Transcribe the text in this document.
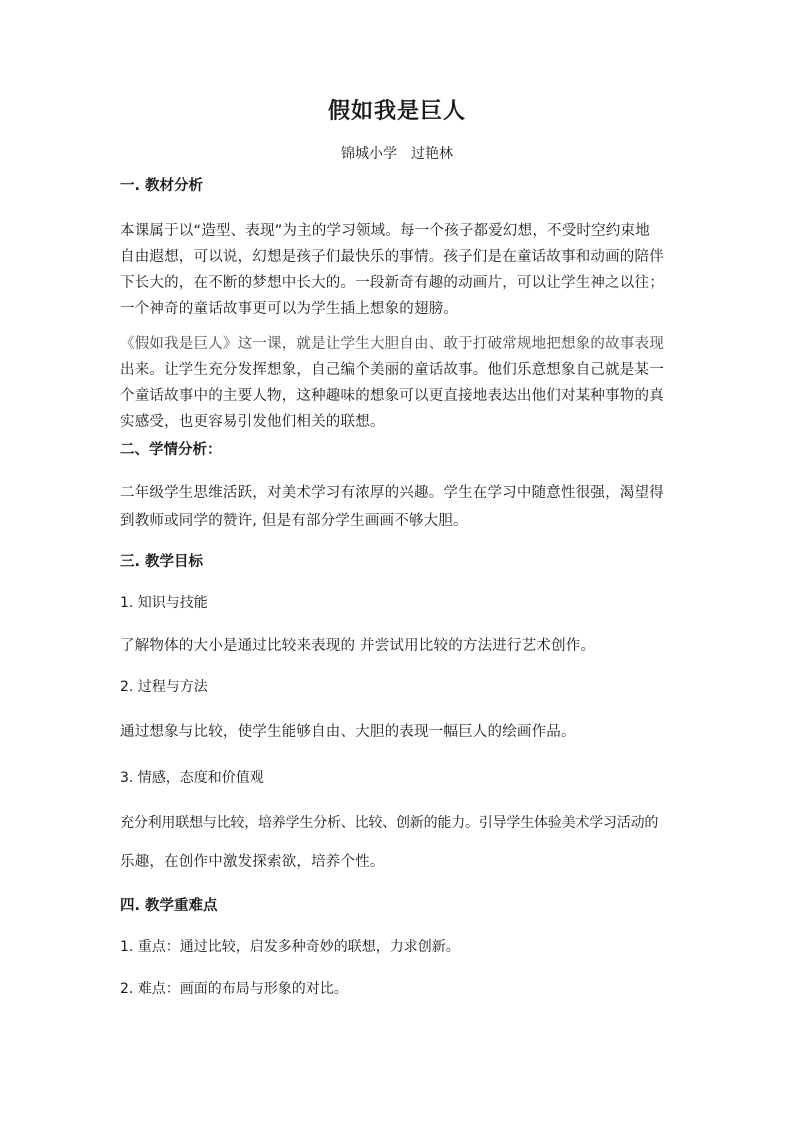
假如我是巨人
锦城小学　过艳林
一. 教材分析
本课属于以“造型、表现”为主的学习领域。每一个孩子都爱幻想，不受时空约束地
自由遐想，可以说，幻想是孩子们最快乐的事情。孩子们是在童话故事和动画的陪伴
下长大的，在不断的梦想中长大的。一段新奇有趣的动画片，可以让学生神之以往；
一个神奇的童话故事更可以为学生插上想象的翅膀。
《假如我是巨人》这一课，就是让学生大胆自由、敢于打破常规地把想象的故事表现
出来。让学生充分发挥想象，自己编个美丽的童话故事。他们乐意想象自己就是某一
个童话故事中的主要人物，这种趣味的想象可以更直接地表达出他们对某种事物的真
实感受，也更容易引发他们相关的联想。
二、学情分析：
二年级学生思维活跃，对美术学习有浓厚的兴趣。学生在学习中随意性很强，渴望得
到教师或同学的赞许, 但是有部分学生画画不够大胆。
三. 教学目标
1. 知识与技能
了解物体的大小是通过比较来表现的 并尝试用比较的方法进行艺术创作。
2. 过程与方法
通过想象与比较，使学生能够自由、大胆的表现一幅巨人的绘画作品。
3. 情感，态度和价值观
充分利用联想与比较，培养学生分析、比较、创新的能力。引导学生体验美术学习活动的
乐趣，在创作中激发探索欲，培养个性。
四. 教学重难点
1. 重点：通过比较，启发多种奇妙的联想，力求创新。
2. 难点：画面的布局与形象的对比。
